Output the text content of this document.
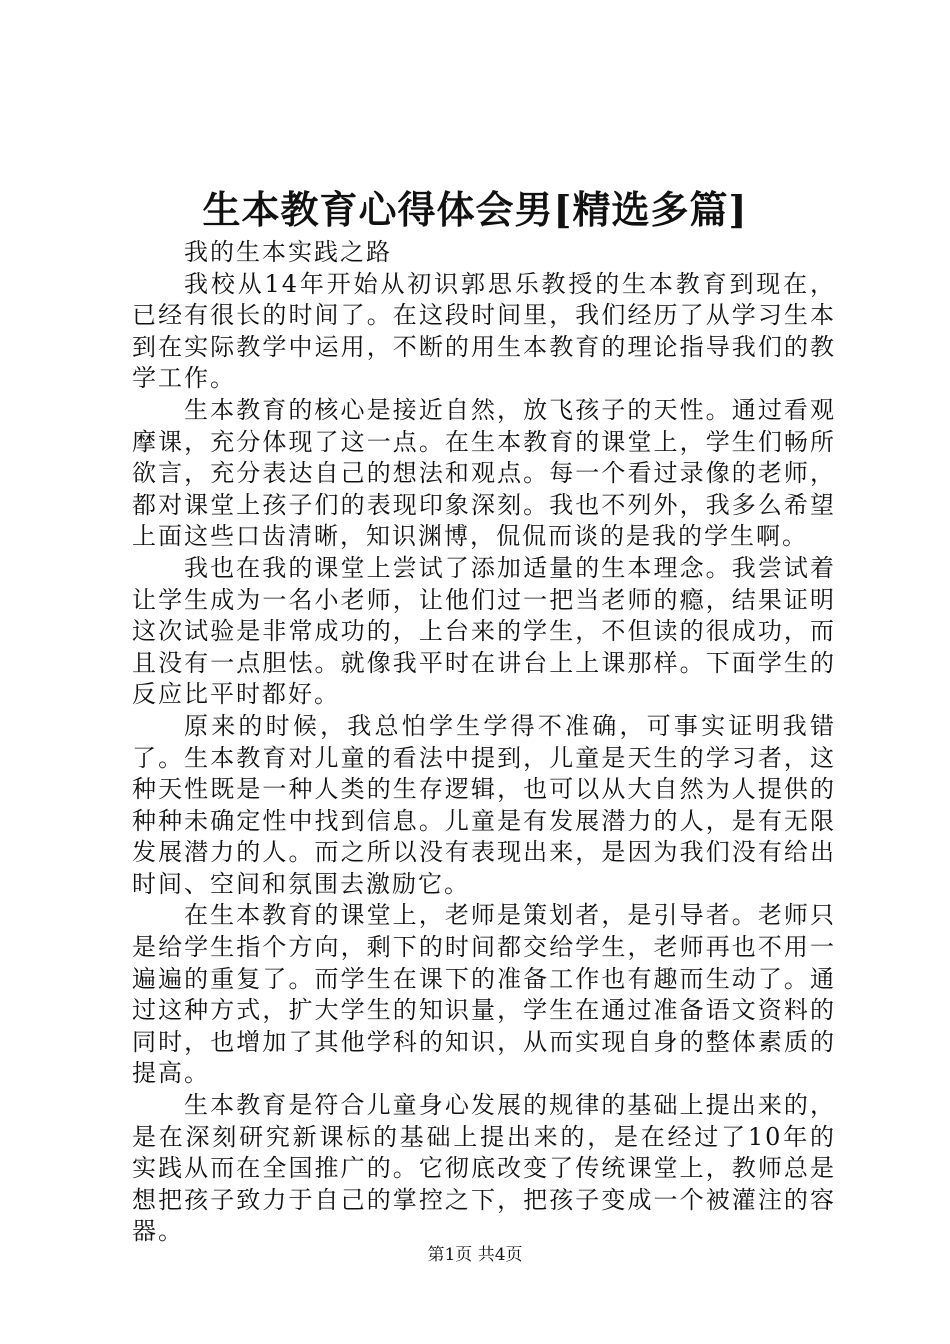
生本教育心得体会男[精选多篇]

我的生本实践之路

我校从14年开始从初识郭思乐教授的生本教育到现在，已经有很长的时间了。在这段时间里，我们经历了从学习生本到在实际教学中运用，不断的用生本教育的理论指导我们的教学工作。

生本教育的核心是接近自然，放飞孩子的天性。通过看观摩课，充分体现了这一点。在生本教育的课堂上，学生们畅所欲言，充分表达自己的想法和观点。每一个看过录像的老师，都对课堂上孩子们的表现印象深刻。我也不列外，我多么希望上面这些口齿清晰，知识渊博，侃侃而谈的是我的学生啊。

我也在我的课堂上尝试了添加适量的生本理念。我尝试着让学生成为一名小老师，让他们过一把当老师的瘾，结果证明这次试验是非常成功的，上台来的学生，不但读的很成功，而且没有一点胆怯。就像我平时在讲台上上课那样。下面学生的反应比平时都好。

原来的时候，我总怕学生学得不准确，可事实证明我错了。生本教育对儿童的看法中提到，儿童是天生的学习者，这种天性既是一种人类的生存逻辑，也可以从大自然为人提供的种种未确定性中找到信息。儿童是有发展潜力的人，是有无限发展潜力的人。而之所以没有表现出来，是因为我们没有给出时间、空间和氛围去激励它。

在生本教育的课堂上，老师是策划者，是引导者。老师只是给学生指个方向，剩下的时间都交给学生，老师再也不用一遍遍的重复了。而学生在课下的准备工作也有趣而生动了。通过这种方式，扩大学生的知识量，学生在通过准备语文资料的同时，也增加了其他学科的知识，从而实现自身的整体素质的提高。

生本教育是符合儿童身心发展的规律的基础上提出来的，是在深刻研究新课标的基础上提出来的，是在经过了10年的实践从而在全国推广的。它彻底改变了传统课堂上，教师总是想把孩子致力于自己的掌控之下，把孩子变成一个被灌注的容器。

第1页 共4页
